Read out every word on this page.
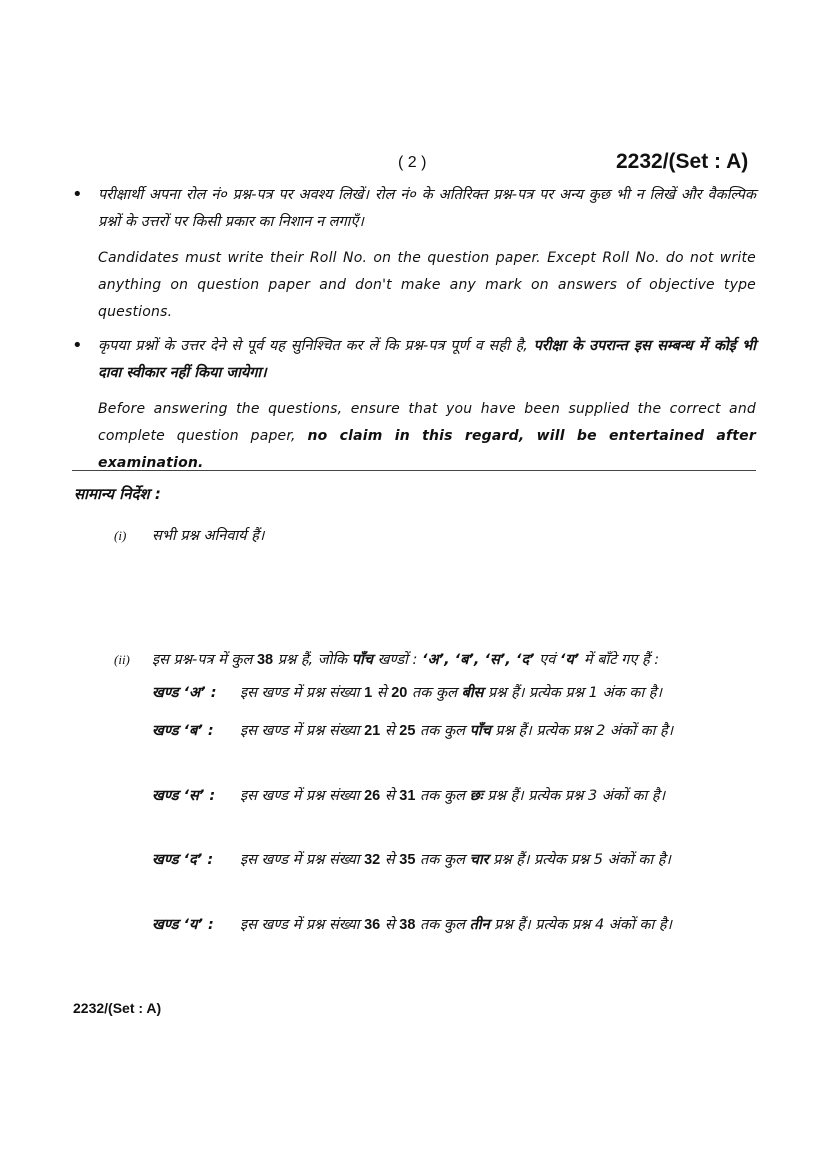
( 2 )	2232/(Set : A)
• परीक्षार्थी अपना रोल नं० प्रश्न-पत्र पर अवश्य लिखें। रोल नं० के अतिरिक्त प्रश्न-पत्र पर अन्य कुछ भी न लिखें और वैकल्पिक प्रश्नों के उत्तरों पर किसी प्रकार का निशान न लगाएँ।
Candidates must write their Roll No. on the question paper. Except Roll No. do not write anything on question paper and don't make any mark on answers of objective type questions.
• कृपया प्रश्नों के उत्तर देने से पूर्व यह सुनिश्चित कर लें कि प्रश्न-पत्र पूर्ण व सही है, परीक्षा के उपरान्त इस सम्बन्ध में कोई भी दावा स्वीकार नहीं किया जायेगा।
Before answering the questions, ensure that you have been supplied the correct and complete question paper, no claim in this regard, will be entertained after examination.
सामान्य निर्देश :
(i) सभी प्रश्न अनिवार्य हैं।
(ii) इस प्रश्न-पत्र में कुल 38 प्रश्न हैं, जोकि पाँच खण्डों : ‘अ’, ‘ब’, ‘स’, ‘द’ एवं ‘य’ में बाँटे गए हैं :
खण्ड ‘अ’ :	इस खण्ड में प्रश्न संख्या 1 से 20 तक कुल बीस प्रश्न हैं। प्रत्येक प्रश्न 1 अंक का है।
खण्ड ‘ब’ :	इस खण्ड में प्रश्न संख्या 21 से 25 तक कुल पाँच प्रश्न हैं। प्रत्येक प्रश्न 2 अंकों का है।
खण्ड ‘स’ :	इस खण्ड में प्रश्न संख्या 26 से 31 तक कुल छः प्रश्न हैं। प्रत्येक प्रश्न 3 अंकों का है।
खण्ड ‘द’ :	इस खण्ड में प्रश्न संख्या 32 से 35 तक कुल चार प्रश्न हैं। प्रत्येक प्रश्न 5 अंकों का है।
खण्ड ‘य’ :	इस खण्ड में प्रश्न संख्या 36 से 38 तक कुल तीन प्रश्न हैं। प्रत्येक प्रश्न 4 अंकों का है।
2232/(Set : A)
